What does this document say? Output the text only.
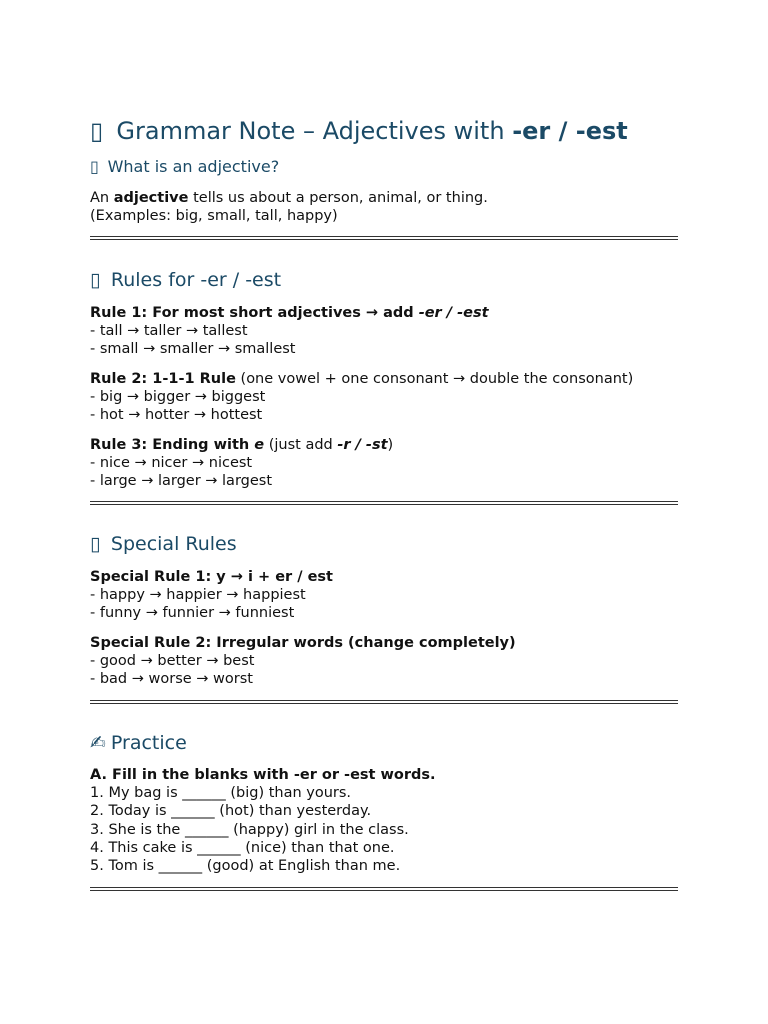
▯ Grammar Note – Adjectives with -er / -est
▯ What is an adjective?
An adjective tells us about a person, animal, or thing.
(Examples: big, small, tall, happy)
▯ Rules for -er / -est
Rule 1: For most short adjectives → add -er / -est
- tall → taller → tallest
- small → smaller → smallest
Rule 2: 1-1-1 Rule (one vowel + one consonant → double the consonant)
- big → bigger → biggest
- hot → hotter → hottest
Rule 3: Ending with e (just add -r / -st)
- nice → nicer → nicest
- large → larger → largest
▯ Special Rules
Special Rule 1: y → i + er / est
- happy → happier → happiest
- funny → funnier → funniest
Special Rule 2: Irregular words (change completely)
- good → better → best
- bad → worse → worst
✍ Practice
A. Fill in the blanks with -er or -est words.
1. My bag is ______ (big) than yours.
2. Today is ______ (hot) than yesterday.
3. She is the ______ (happy) girl in the class.
4. This cake is ______ (nice) than that one.
5. Tom is ______ (good) at English than me.
